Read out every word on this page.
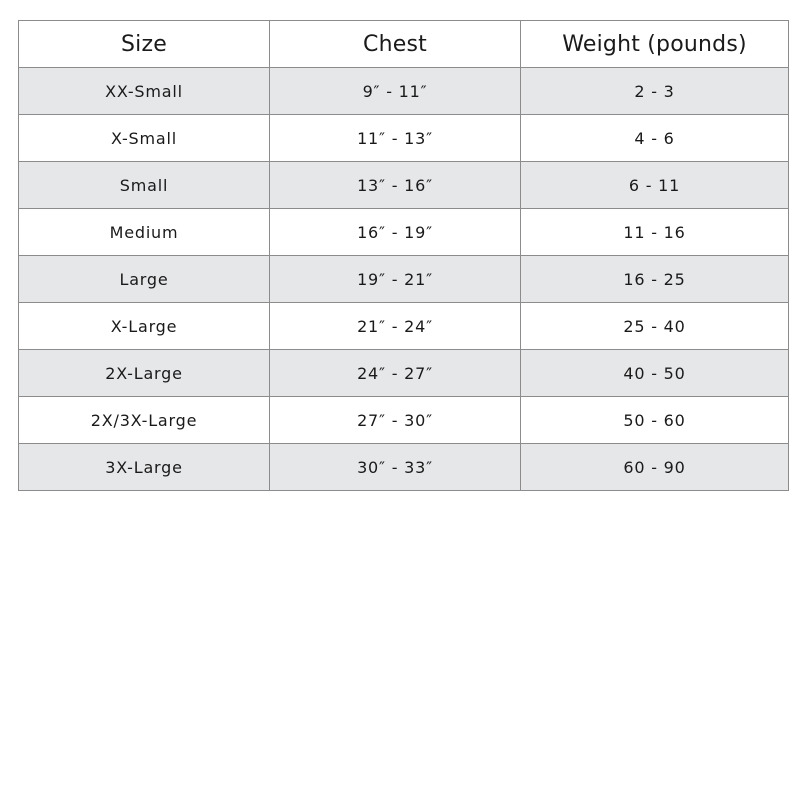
Size	Chest	Weight (pounds)
XX-Small	9″ - 11″	2 - 3
X-Small	11″ - 13″	4 - 6
Small	13″ - 16″	6 - 11
Medium	16″ - 19″	11 - 16
Large	19″ - 21″	16 - 25
X-Large	21″ - 24″	25 - 40
2X-Large	24″ - 27″	40 - 50
2X/3X-Large	27″ - 30″	50 - 60
3X-Large	30″ - 33″	60 - 90
